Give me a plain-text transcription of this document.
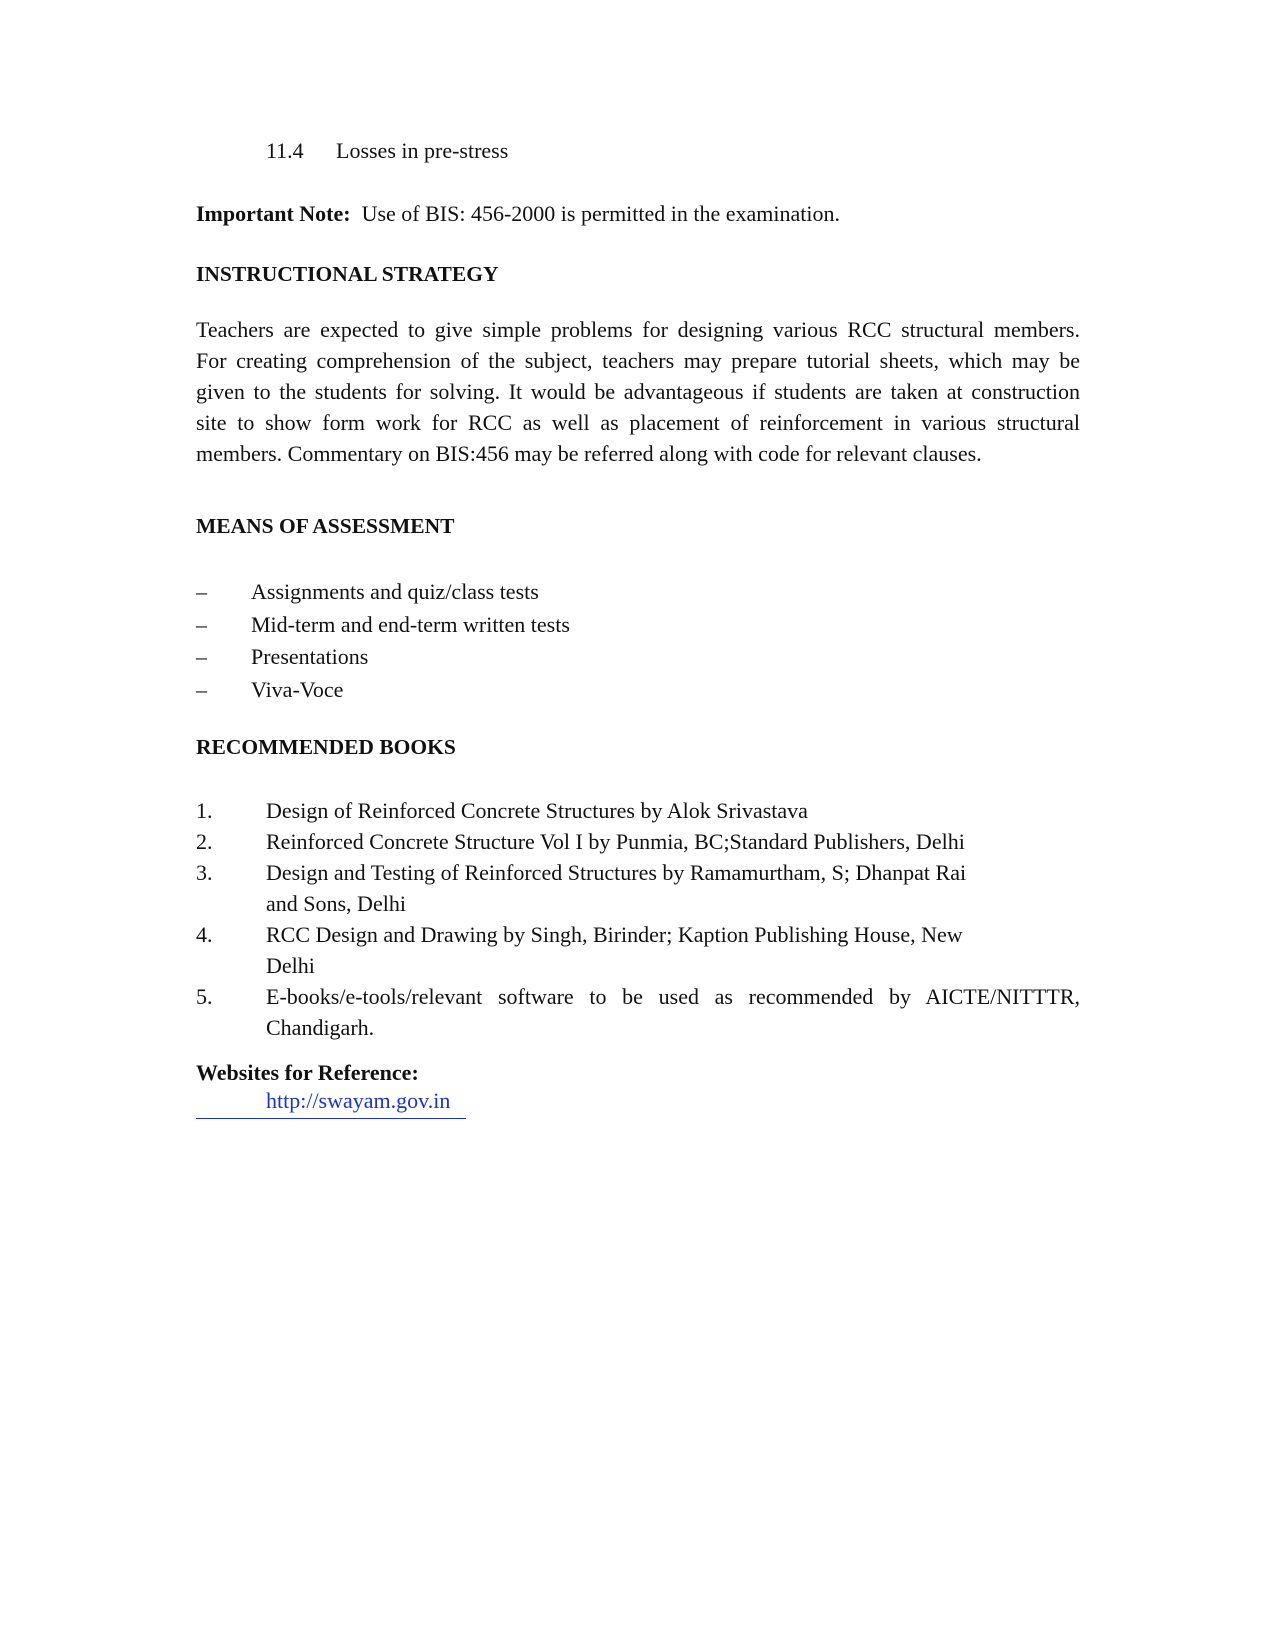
11.4 Losses in pre-stress
Important Note: Use of BIS: 456-2000 is permitted in the examination.
INSTRUCTIONAL STRATEGY
Teachers are expected to give simple problems for designing various RCC structural members.
For creating comprehension of the subject, teachers may prepare tutorial sheets, which may be
given to the students for solving. It would be advantageous if students are taken at construction
site to show form work for RCC as well as placement of reinforcement in various structural
members. Commentary on BIS:456 may be referred along with code for relevant clauses.
MEANS OF ASSESSMENT
– Assignments and quiz/class tests
– Mid-term and end-term written tests
– Presentations
– Viva-Voce
RECOMMENDED BOOKS
1. Design of Reinforced Concrete Structures by Alok Srivastava
2. Reinforced Concrete Structure Vol I by Punmia, BC;Standard Publishers, Delhi
3. Design and Testing of Reinforced Structures by Ramamurtham, S; Dhanpat Rai
and Sons, Delhi
4. RCC Design and Drawing by Singh, Birinder; Kaption Publishing House, New
Delhi
5. E-books/e-tools/relevant software to be used as recommended by AICTE/NITTTR,
Chandigarh.
Websites for Reference:
http://swayam.gov.in
